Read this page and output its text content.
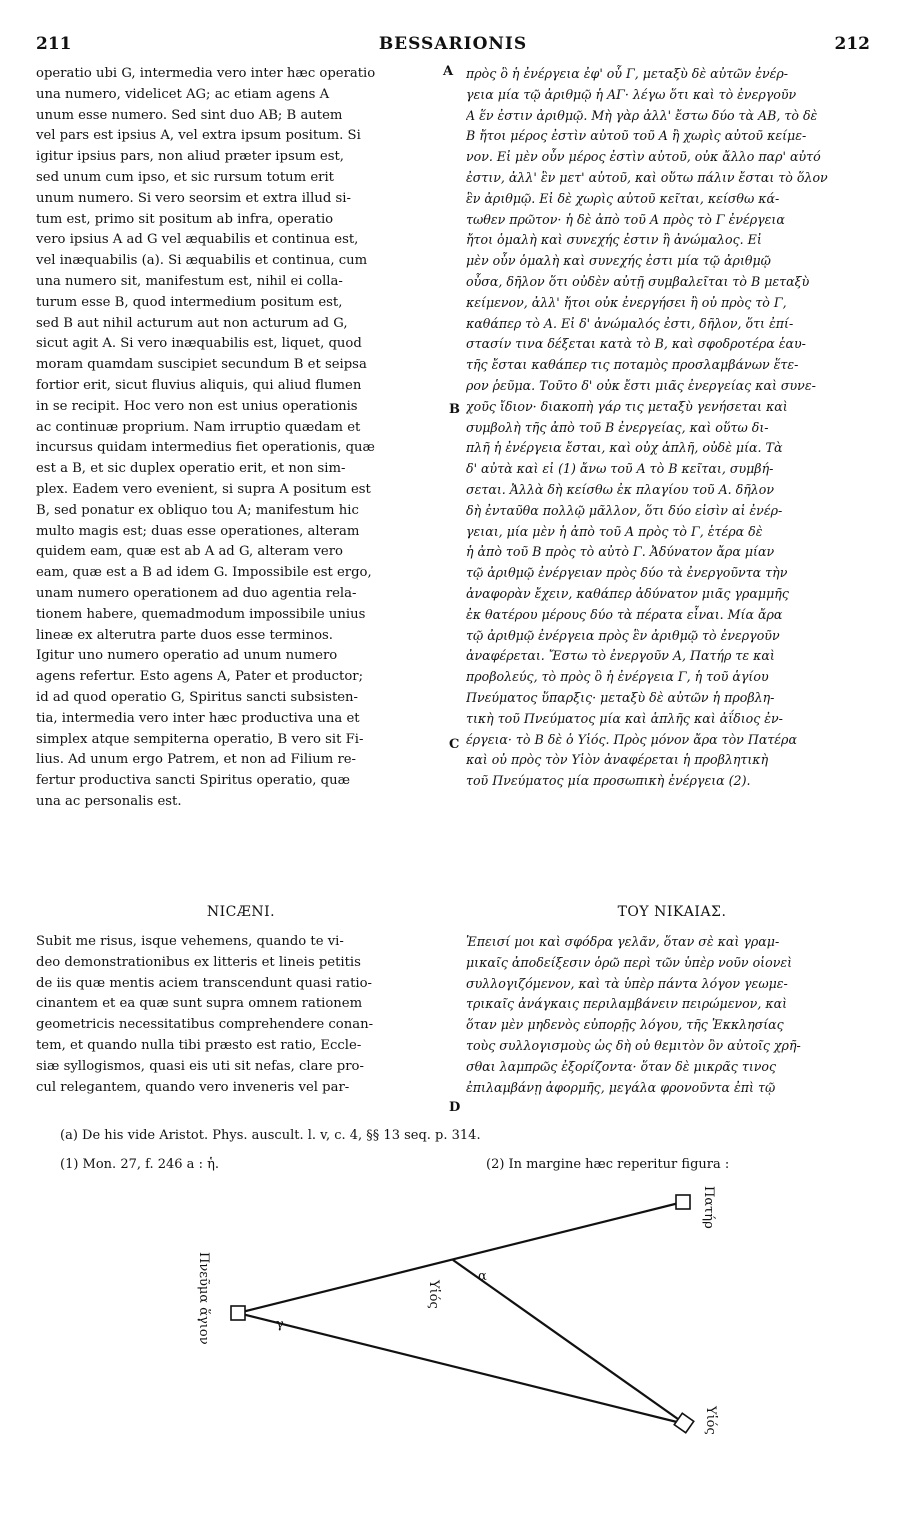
211	BESSARIONIS	212
operatio ubi G, intermedia vero inter hæc operatio
una numero, videlicet AG; ac etiam agens A
unum esse numero. Sed sint duo AB; B autem
vel pars est ipsius A, vel extra ipsum positum. Si
igitur ipsius pars, non aliud præter ipsum est,
sed unum cum ipso, et sic rursum totum erit
unum numero. Si vero seorsim et extra illud si-
tum est, primo sit positum ab infra, operatio
vero ipsius A ad G vel æquabilis et continua est,
vel inæquabilis (a). Si æquabilis et continua, cum
una numero sit, manifestum est, nihil ei colla-
turum esse B, quod intermedium positum est,
sed B aut nihil acturum aut non acturum ad G,
sicut agit A. Si vero inæquabilis est, liquet, quod
moram quamdam suscipiet secundum B et seipsa
fortior erit, sicut fluvius aliquis, qui aliud flumen
in se recipit. Hoc vero non est unius operationis
ac continuæ proprium. Nam irruptio quædam et
incursus quidam intermedius fiet operationis, quæ
est a B, et sic duplex operatio erit, et non sim-
plex. Eadem vero evenient, si supra A positum est
B, sed ponatur ex obliquo tou A; manifestum hic
multo magis est; duas esse operationes, alteram
quidem eam, quæ est ab A ad G, alteram vero
eam, quæ est a B ad idem G. Impossibile est ergo,
unam numero operationem ad duo agentia rela-
tionem habere, quemadmodum impossibile unius
lineæ ex alterutra parte duos esse terminos.
Igitur uno numero operatio ad unum numero
agens refertur. Esto agens A, Pater et productor;
id ad quod operatio G, Spiritus sancti subsisten-
tia, intermedia vero inter hæc productiva una et
simplex atque sempiterna operatio, B vero sit Fi-
lius. Ad unum ergo Patrem, et non ad Filium re-
fertur productiva sancti Spiritus operatio, quæ
una ac personalis est.
πρὸς ὃ ἡ ἐνέργεια ἐφ' οὗ Γ, μεταξὺ δὲ αὐτῶν ἐνέρ-
γεια μία τῷ ἀριθμῷ ἡ ΑΓ· λέγω ὅτι καὶ τὸ ἐνεργοῦν
Α ἕν ἐστιν ἀριθμῷ. Μὴ γὰρ ἀλλ' ἔστω δύο τὰ ΑΒ, τὸ δὲ
Β ἤτοι μέρος ἐστὶν αὐτοῦ τοῦ Α ἢ χωρὶς αὐτοῦ κείμε-
νον. Εἰ μὲν οὖν μέρος ἐστὶν αὐτοῦ, οὐκ ἄλλο παρ' αὐτό
ἐστιν, ἀλλ' ἓν μετ' αὐτοῦ, καὶ οὕτω πάλιν ἔσται τὸ ὅλον
ἓν ἀριθμῷ. Εἰ δὲ χωρὶς αὐτοῦ κεῖται, κείσθω κά-
τωθεν πρῶτον· ἡ δὲ ἀπὸ τοῦ Α πρὸς τὸ Γ ἐνέργεια
ἤτοι ὁμαλὴ καὶ συνεχής ἐστιν ἢ ἀνώμαλος. Εἰ
μὲν οὖν ὁμαλὴ καὶ συνεχής ἐστι μία τῷ ἀριθμῷ
οὖσα, δῆλον ὅτι οὐδὲν αὐτῇ συμβαλεῖται τὸ Β μεταξὺ
κείμενον, ἀλλ' ἤτοι οὐκ ἐνεργήσει ἢ οὐ πρὸς τὸ Γ,
καθάπερ τὸ Α. Εἰ δ' ἀνώμαλός ἐστι, δῆλον, ὅτι ἐπί-
στασίν τινα δέξεται κατὰ τὸ Β, καὶ σφοδροτέρα ἑαυ-
τῆς ἔσται καθάπερ τις ποταμὸς προσλαμβάνων ἕτε-
ρον ῥεῦμα. Τοῦτο δ' οὐκ ἔστι μιᾶς ἐνεργείας καὶ συνε-
χοῦς ἴδιον· διακοπὴ γάρ τις μεταξὺ γενήσεται καὶ
συμβολὴ τῆς ἀπὸ τοῦ Β ἐνεργείας, καὶ οὕτω δι-
πλῆ ἡ ἐνέργεια ἔσται, καὶ οὐχ ἁπλῆ, οὐδὲ μία. Τὰ
δ' αὐτὰ καὶ εἰ (1) ἄνω τοῦ Α τὸ Β κεῖται, συμβή-
σεται. Ἀλλὰ δὴ κείσθω ἐκ πλαγίου τοῦ Α. δῆλον
δὴ ἐνταῦθα πολλῷ μᾶλλον, ὅτι δύο εἰσὶν αἱ ἐνέρ-
γειαι, μία μὲν ἡ ἀπὸ τοῦ Α πρὸς τὸ Γ, ἑτέρα δὲ
ἡ ἀπὸ τοῦ Β πρὸς τὸ αὐτὸ Γ. Ἀδύνατον ἄρα μίαν
τῷ ἀριθμῷ ἐνέργειαν πρὸς δύο τὰ ἐνεργοῦντα τὴν
ἀναφορὰν ἔχειν, καθάπερ ἀδύνατον μιᾶς γραμμῆς
ἐκ θατέρου μέρους δύο τὰ πέρατα εἶναι. Μία ἄρα
τῷ ἀριθμῷ ἐνέργεια πρὸς ἓν ἀριθμῷ τὸ ἐνεργοῦν
ἀναφέρεται. Ἔστω τὸ ἐνεργοῦν Α, Πατήρ τε καὶ
προβολεύς, τὸ πρὸς ὃ ἡ ἐνέργεια Γ, ἡ τοῦ ἁγίου
Πνεύματος ὕπαρξις· μεταξὺ δὲ αὐτῶν ἡ προβλη-
τικὴ τοῦ Πνεύματος μία καὶ ἁπλῆς καὶ ἀΐδιος ἐν-
έργεια· τὸ Β δὲ ὁ Υἱός. Πρὸς μόνον ἄρα τὸν Πατέρα
καὶ οὐ πρὸς τὸν Υἱὸν ἀναφέρεται ἡ προβλητικὴ
τοῦ Πνεύματος μία προσωπικὴ ἐνέργεια (2).
A
B
C
D
NICÆNI.	ΤΟΥ ΝΙΚΑΙΑΣ.
Subit me risus, isque vehemens, quando te vi-
deo demonstrationibus ex litteris et lineis petitis
de iis quæ mentis aciem transcendunt quasi ratio-
cinantem et ea quæ sunt supra omnem rationem
geometricis necessitatibus comprehendere conan-
tem, et quando nulla tibi præsto est ratio, Eccle-
siæ syllogismos, quasi eis uti sit nefas, clare pro-
cul relegantem, quando vero inveneris vel par-
Ἐπεισί μοι καὶ σφόδρα γελᾶν, ὅταν σὲ καὶ γραμ-
μικαῖς ἀποδείξεσιν ὁρῶ περὶ τῶν ὑπὲρ νοῦν οἱονεὶ
συλλογιζόμενον, καὶ τὰ ὑπὲρ πάντα λόγον γεωμε-
τρικαῖς ἀνάγκαις περιλαμβάνειν πειρώμενον, καὶ
ὅταν μὲν μηδενὸς εὐπορῇς λόγου, τῆς Ἐκκλησίας
τοὺς συλλογισμοὺς ὡς δὴ οὐ θεμιτὸν ὂν αὐτοῖς χρῆ-
σθαι λαμπρῶς ἐξορίζοντα· ὅταν δὲ μικρᾶς τινος
ἐπιλαμβάνῃ ἀφορμῆς, μεγάλα φρονοῦντα ἐπὶ τῷ
(a) De his vide Aristot. Phys. auscult. l. v, c. 4, §§ 13 seq. p. 314.
(1) Mon. 27, f. 246 a : ἡ.	(2) In margine hæc reperitur figura :
Πατήρ
Πνεῦμα ἅγιον	Υἱός
Υἱός
α
γ
